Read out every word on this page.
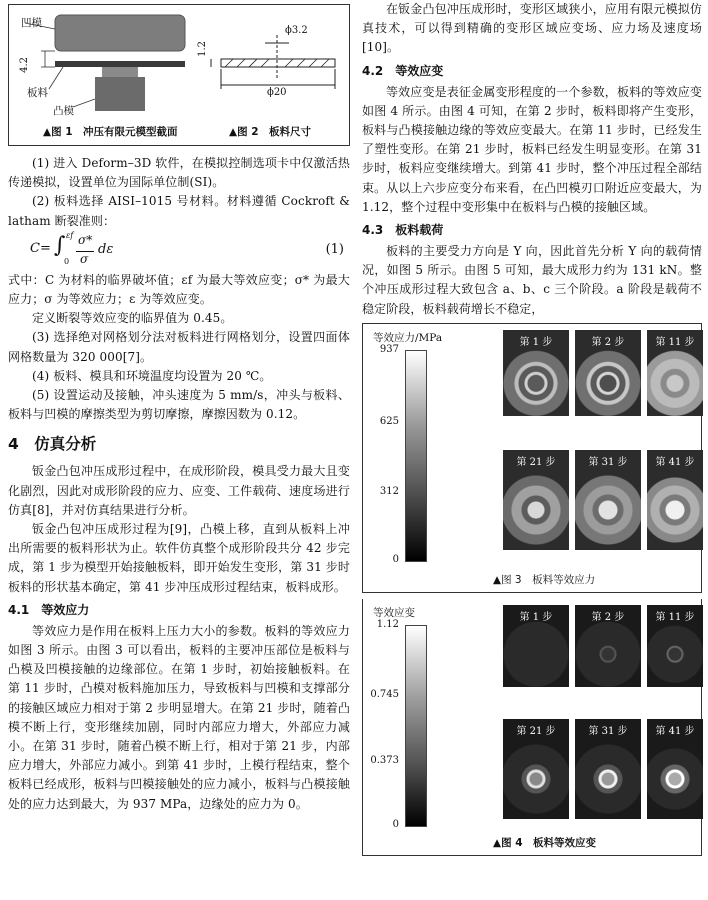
凹模
4.2
板料
凸模
ϕ3.2
ϕ20
1.2
▲图 1　冲压有限元模型截面	▲图 2　板料尺寸

(1) 进入 Deform–3D 软件，在模拟控制选项卡中仅激活热传递模拟，设置单位为国际单位制(SI)。

(2) 板料选择 AISI–1015 号材料。材料遵循 Cockroft & latham 断裂准则：

C= ∫ εf
0
σ*
σ
dε	(1)

式中：C 为材料的临界破坏值；εf 为最大等效应变；σ* 为最大应力；σ 为等效应力；ε 为等效应变。

定义断裂等效应变的临界值为 0.45。

(3) 选择绝对网格划分法对板料进行网格划分，设置四面体网格数量为 320 000[7]。

(4) 板料、模具和环境温度均设置为 20 ℃。

(5) 设置运动及接触，冲头速度为 5 mm/s，冲头与板料、板料与凹模的摩擦类型为剪切摩擦，摩擦因数为 0.12。

4　仿真分析

钣金凸包冲压成形过程中，在成形阶段，模具受力最大且变化剧烈，因此对成形阶段的应力、应变、工件载荷、速度场进行仿真[8]，并对仿真结果进行分析。

钣金凸包冲压成形过程为[9]，凸模上移，直到从板料上冲出所需要的板料形状为止。软件仿真整个成形阶段共分 42 步完成，第 1 步为模型开始接触板料，即开始发生变形，第 31 步时板料的形状基本确定，第 41 步冲压成形过程结束，板料成形。

4.1　等效应力

等效应力是作用在板料上压力大小的参数。板料的等效应力如图 3 所示。由图 3 可以看出，板料的主要冲压部位是板料与凸模及凹模接触的边缘部位。在第 1 步时，初始接触板料。在第 11 步时，凸模对板料施加压力，导致板料与凹模和支撑部分的接触区域应力相对于第 2 步明显增大。在第 21 步时，随着凸模不断上行，变形继续加剧，同时内部应力增大，外部应力减小。在第 31 步时，随着凸模不断上行，相对于第 21 步，内部应力增大，外部应力减小。到第 41 步时，上模行程结束，整个板料已经成形，板料与凹模接触处的应力减小，板料与凸模接触处的应力达到最大，为 937 MPa，边缘处的应力为 0。

在钣金凸包冲压成形时，变形区域狭小，应用有限元模拟仿真技术，可以得到精确的变形区域应变场、应力场及速度场[10]。

4.2　等效应变

等效应变是表征金属变形程度的一个参数，板料的等效应变如图 4 所示。由图 4 可知，在第 2 步时，板料即将产生变形，板料与凸模接触边缘的等效应变最大。在第 11 步时，已经发生了塑性变形。在第 21 步时，板料已经发生明显变形。在第 31 步时，板料应变继续增大。到第 41 步时，整个冲压过程全部结束。从以上六步应变分布来看，在凸凹模刃口附近应变最大，为 1.12，整个过程中变形集中在板料与凸模的接触区域。

4.3　板料载荷

板料的主要受力方向是 Y 向，因此首先分析 Y 向的载荷情况，如图 5 所示。由图 5 可知，最大成形力约为 131 kN。整个冲压成形过程大致包含 a、b、c 三个阶段。a 阶段是载荷不稳定阶段，板料载荷增长不稳定，

等效应力/MPa
937
625
312
0
第 1 步	第 2 步	第 11 步
第 21 步	第 31 步	第 41 步
▲图 3　板料等效应力
等效应变
1.12
0.745
0.373
0
第 1 步	第 2 步	第 11 步
第 21 步	第 31 步	第 41 步
▲图 4　板料等效应变
